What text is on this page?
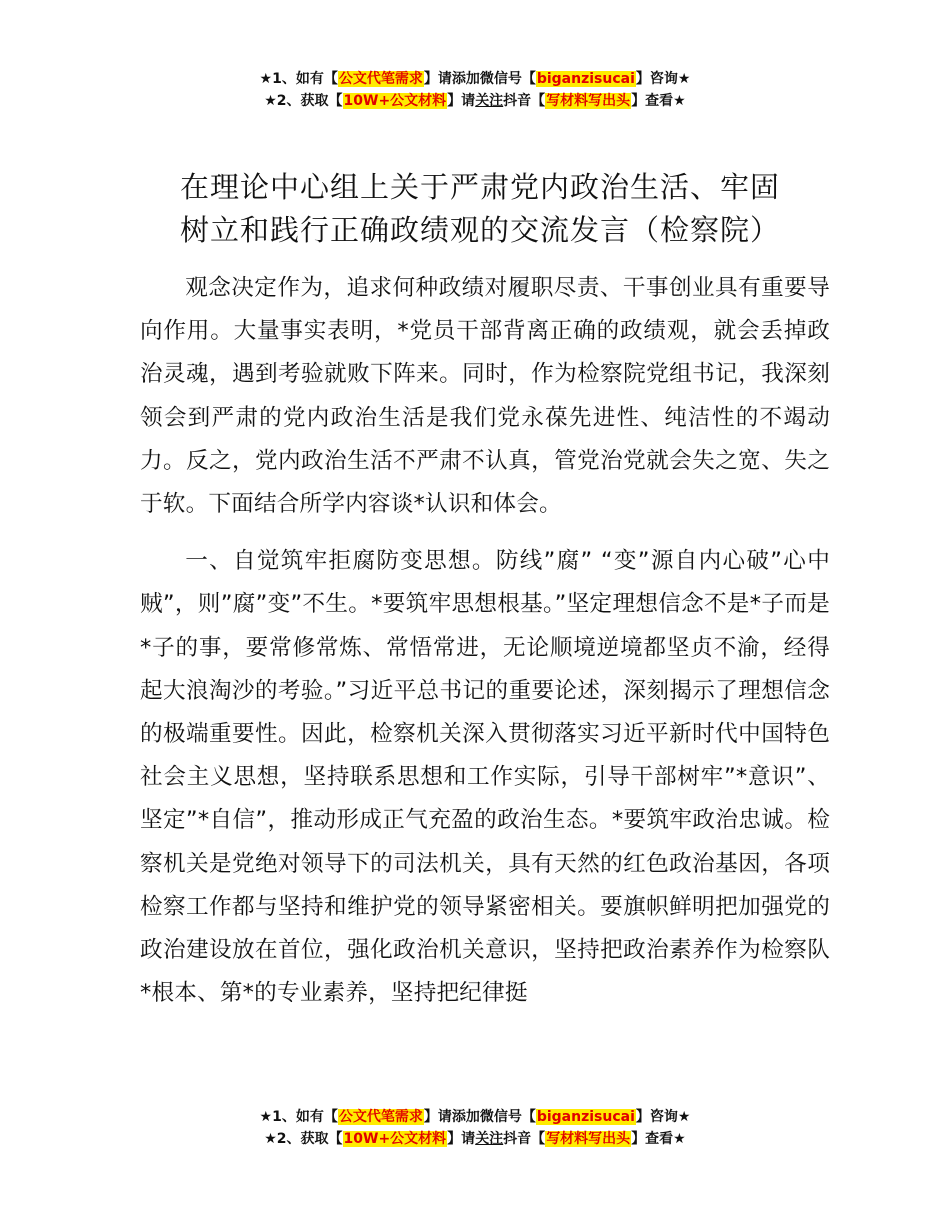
★1、如有【公文代笔需求】请添加微信号【biganzisucai】咨询★
★2、获取【10W+公文材料】请关注抖音【写材料写出头】查看★
在理论中心组上关于严肃党内政治生活、牢固
树立和践行正确政绩观的交流发言（检察院）

观念决定作为，追求何种政绩对履职尽责、干事创业具有重要导向作用。大量事实表明，*党员干部背离正确的政绩观，就会丢掉政治灵魂，遇到考验就败下阵来。同时，作为检察院党组书记，我深刻领会到严肃的党内政治生活是我们党永葆先进性、纯洁性的不竭动力。反之，党内政治生活不严肃不认真，管党治党就会失之宽、失之于软。下面结合所学内容谈*认识和体会。

一、自觉筑牢拒腐防变思想。防线”腐” “变”源自内心破”心中贼”，则”腐”变”不生。*要筑牢思想根基。”坚定理想信念不是*子而是*子的事，要常修常炼、常悟常进，无论顺境逆境都坚贞不渝，经得起大浪淘沙的考验。”习近平总书记的重要论述，深刻揭示了理想信念的极端重要性。因此，检察机关深入贯彻落实习近平新时代中国特色社会主义思想，坚持联系思想和工作实际，引导干部树牢”*意识”、坚定”*自信”，推动形成正气充盈的政治生态。*要筑牢政治忠诚。检察机关是党绝对领导下的司法机关，具有天然的红色政治基因，各项检察工作都与坚持和维护党的领导紧密相关。要旗帜鲜明把加强党的政治建设放在首位，强化政治机关意识，坚持把政治素养作为检察队*根本、第*的专业素养，坚持把纪律挺

★1、如有【公文代笔需求】请添加微信号【biganzisucai】咨询★
★2、获取【10W+公文材料】请关注抖音【写材料写出头】查看★
